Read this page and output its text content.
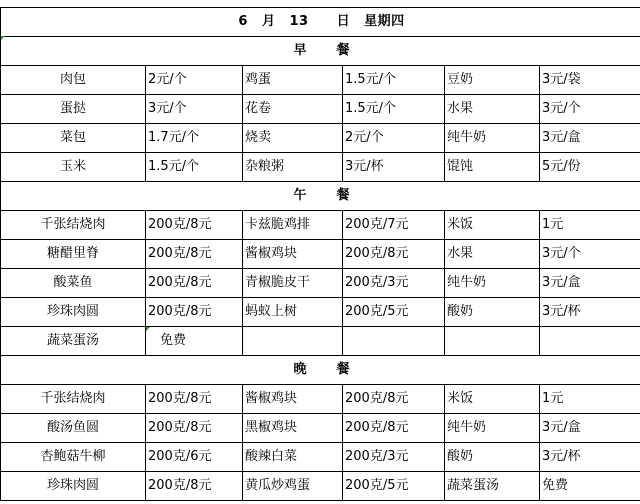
6 月 13 日 星期四					
早 餐					
肉包	2元/个	鸡蛋	1.5元/个	豆奶	3元/袋
蛋挞	3元/个	花卷	1.5元/个	水果	3元/个
菜包	1.7元/个	烧卖	2元/个	纯牛奶	3元/盒
玉米	1.5元/个	杂粮粥	3元/杯	馄饨	5元/份
午 餐					
千张结烧肉	200克/8元	卡兹脆鸡排	200克/7元	米饭	1元
糖醋里脊	200克/8元	酱椒鸡块	200克/8元	水果	3元/个
酸菜鱼	200克/8元	青椒脆皮干	200克/3元	纯牛奶	3元/盒
珍珠肉圆	200克/8元	蚂蚁上树	200克/5元	酸奶	3元/杯
蔬菜蛋汤	免费				
晚 餐					
千张结烧肉	200克/8元	酱椒鸡块	200克/8元	米饭	1元
酸汤鱼圆	200克/8元	黑椒鸡块	200克/8元	纯牛奶	3元/盒
杏鲍菇牛柳	200克/6元	酸辣白菜	200克/3元	酸奶	3元/杯
珍珠肉圆	200克/8元	黄瓜炒鸡蛋	200克/5元	蔬菜蛋汤	免费
